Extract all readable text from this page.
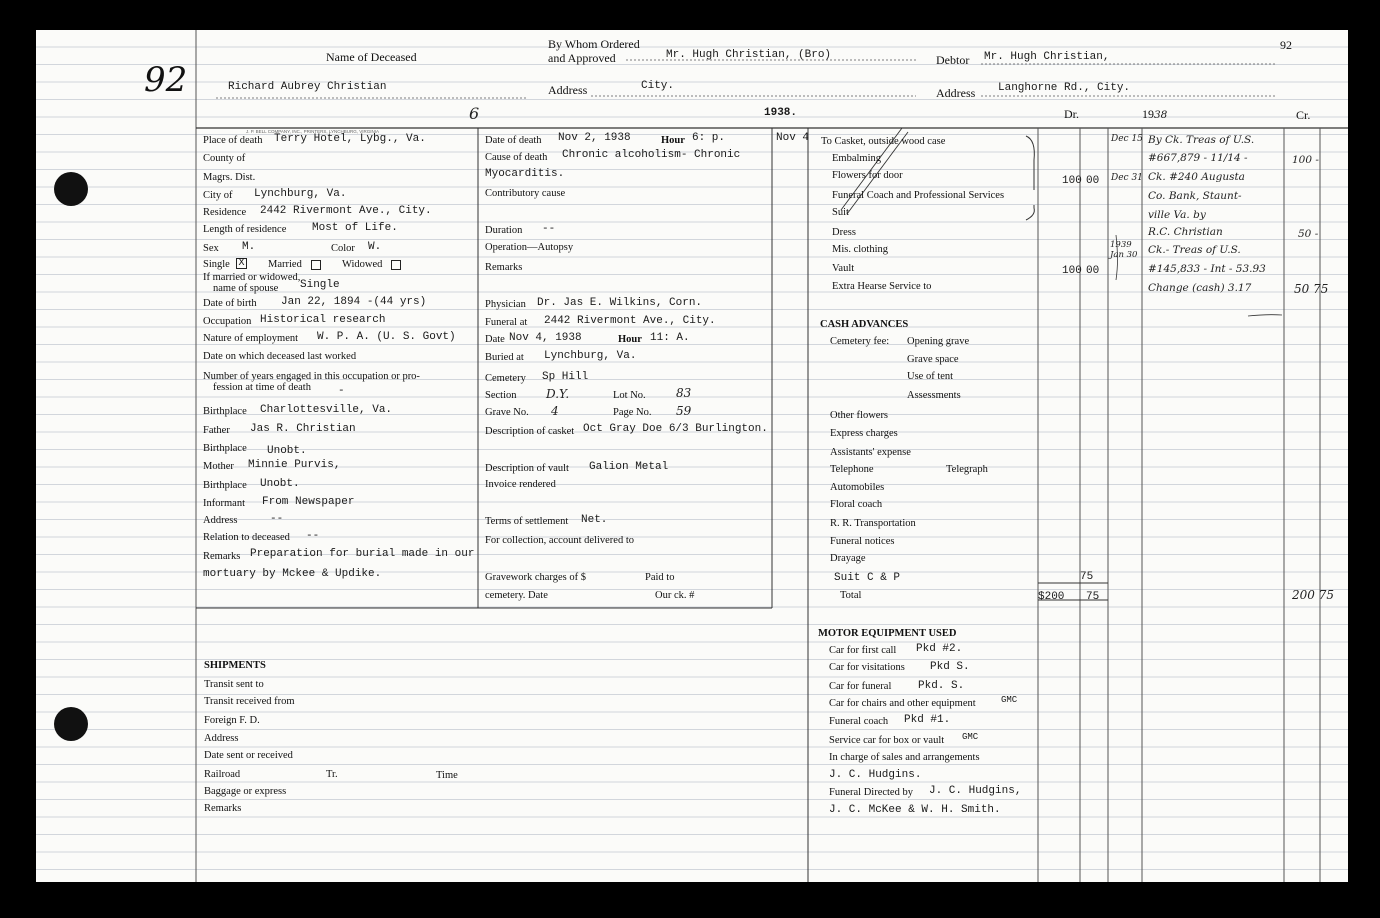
92
92
Name of Deceased
Richard Aubrey Christian
By Whom Ordered
and Approved	Mr. Hugh Christian, (Bro)	Debtor Mr. Hugh Christian,
Address	City.	Address Langhorne Rd., City.
6	1938.	Dr.	1938	Cr.
J. P. BELL COMPANY, INC., PRINTERS, LYNCHBURG, VIRGINIA
Place of death Terry Hotel, Lybg., Va.
County of
Magrs. Dist.
City of Lynchburg, Va.
Residence 2442 Rivermont Ave., City.
Length of residence Most of Life.
Sex M.	Color W.
Single X Married	Widowed
If married or widowed,
name of spouse Single
Date of birth Jan 22, 1894 -(44 yrs)
Occupation Historical research
Nature of employment W. P. A. (U. S. Govt)
Date on which deceased last worked
Number of years engaged in this occupation or pro-
fession at time of death -
Birthplace Charlottesville, Va.
Father Jas R. Christian
Birthplace Unobt.
Mother Minnie Purvis,
Birthplace Unobt.
Informant From Newspaper
Address	--
Relation to deceased --
Remarks Preparation for burial made in our
mortuary by Mckee & Updike.
Date of death Nov 2, 1938	Hour 6: p.
Cause of death Chronic alcoholism- Chronic
Myocarditis.
Contributory cause
Duration --
Operation—Autopsy
Remarks
Physician Dr. Jas E. Wilkins, Corn.
Funeral at 2442 Rivermont Ave., City.
Date Nov 4, 1938	Hour 11: A.
Buried at Lynchburg, Va.
Cemetery Sp Hill
Section D.Y.	Lot No.	83
Grave No. 4	Page No. 59
Description of casket Oct Gray Doe 6/3 Burlington.
Description of vault Galion Metal
Invoice rendered
Terms of settlement Net.
For collection, account delivered to
Gravework charges of $	Paid to
cemetery. Date	Our ck. #
Nov 4 To Casket, outside wood case
Embalming
Flowers for door	100 00
Funeral Coach and Professional Services
Suit
Dress
Mis. clothing
Vault	100 00
Extra Hearse Service to
CASH ADVANCES
Cemetery fee: Opening grave
Grave space
Use of tent
Assessments
Other flowers
Express charges
Assistants' expense
Telephone	Telegraph
Automobiles
Floral coach
R. R. Transportation
Funeral notices
Drayage
Suit C & P	75
Total	$200 75
Dec 15 By Ck. Treas of U.S.
#667,879 - 11/14 -	100 -
Dec 31 Ck. #240 Augusta
Co. Bank, Staunt-
ville Va. by
R.C. Christian	50 -
1939 Jan 30 Ck.- Treas of U.S.
#145,833 - Int - 53.93
Change (cash) 3.17	50 75
200 75
SHIPMENTS
Transit sent to
Transit received from
Foreign F. D.
Address
Date sent or received
Railroad	Tr.	Time
Baggage or express
Remarks
MOTOR EQUIPMENT USED
Car for first call Pkd #2.
Car for visitations Pkd S.
Car for funeral Pkd. S.
Car for chairs and other equipment	GMC
Funeral coach Pkd #1.
Service car for box or vault GMC
In charge of sales and arrangements
J. C. Hudgins.
Funeral Directed by J. C. Hudgins,
J. C. McKee & W. H. Smith.
